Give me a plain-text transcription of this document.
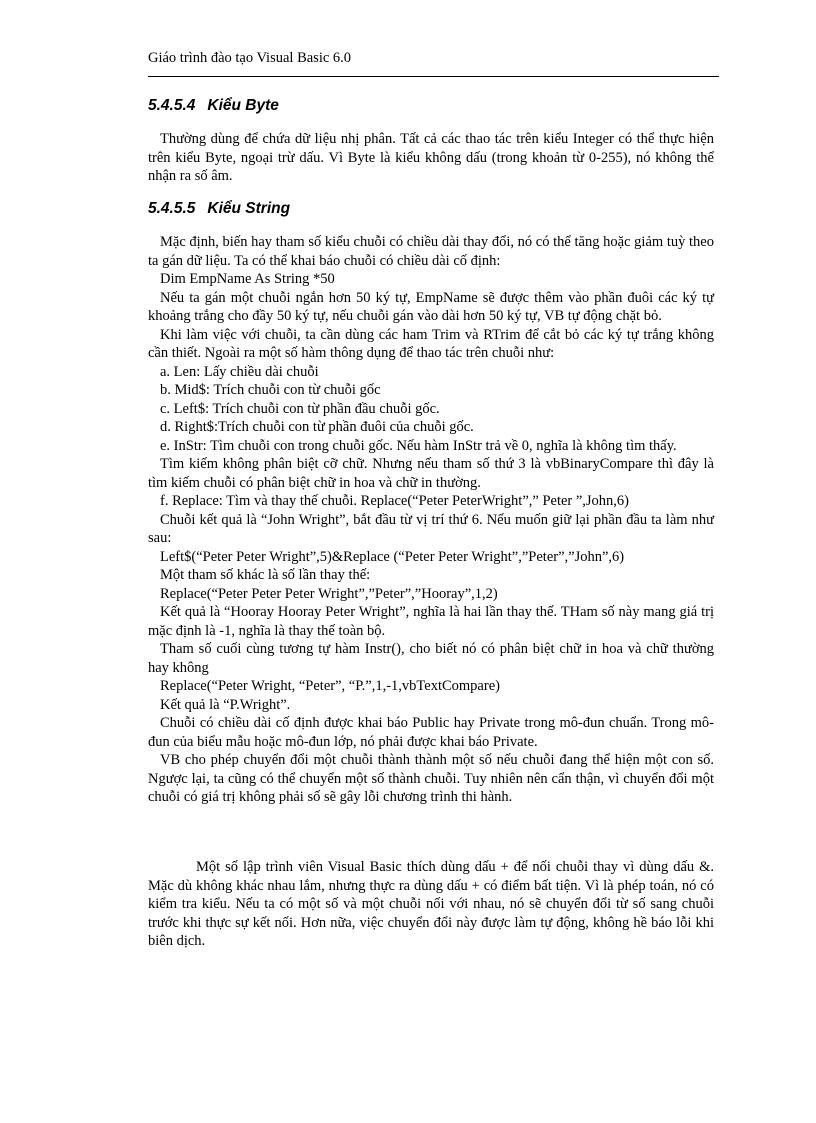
Giáo trình đào tạo Visual Basic 6.0
5.4.5.4 Kiểu Byte

Thường dùng để chứa dữ liệu nhị phân. Tất cả các thao tác trên kiểu Integer có thể thực hiện trên kiểu Byte, ngoại trừ dấu. Vì Byte là kiểu không dấu (trong khoản từ 0-255), nó không thể nhận ra số âm.

5.4.5.5 Kiểu String

Mặc định, biến hay tham số kiểu chuỗi có chiều dài thay đổi, nó có thể tăng hoặc giảm tuỳ theo ta gán dữ liệu. Ta có thể khai báo chuỗi có chiều dài cố định:

Dim EmpName As String *50

Nếu ta gán một chuỗi ngắn hơn 50 ký tự, EmpName sẽ được thêm vào phần đuôi các ký tự khoảng trắng cho đầy 50 ký tự, nếu chuỗi gán vào dài hơn 50 ký tự, VB tự động chặt bỏ.

Khi làm việc với chuỗi, ta cần dùng các ham Trim và RTrim để cắt bỏ các ký tự trắng không cần thiết. Ngoài ra một số hàm thông dụng để thao tác trên chuỗi như:

a. Len: Lấy chiều dài chuỗi

b. Mid$: Trích chuỗi con từ chuỗi gốc

c. Left$: Trích chuỗi con từ phần đầu chuỗi gốc.

d. Right$:Trích chuỗi con từ phần đuôi của chuỗi gốc.

e. InStr: Tìm chuỗi con trong chuỗi gốc. Nếu hàm InStr trả về 0, nghĩa là không tìm thấy.

Tìm kiếm không phân biệt cỡ chữ. Nhưng nếu tham số thứ 3 là vbBinaryCompare thì đây là tìm kiếm chuỗi có phân biệt chữ in hoa và chữ in thường.

f. Replace: Tìm và thay thế chuỗi. Replace(“Peter PeterWright”,” Peter ”,John,6)

Chuỗi kết quả là “John Wright”, bắt đầu từ vị trí thứ 6. Nếu muốn giữ lại phần đầu ta làm như sau:

Left$(“Peter Peter Wright”,5)&Replace (“Peter Peter Wright”,”Peter”,”John”,6)

Một tham số khác là số lần thay thế:

Replace(“Peter Peter Peter Wright”,”Peter”,”Hooray”,1,2)

Kết quả là “Hooray Hooray Peter Wright”, nghĩa là hai lần thay thế. THam số này mang giá trị mặc định là -1, nghĩa là thay thế toàn bộ.

Tham số cuối cùng tương tự hàm Instr(), cho biết nó có phân biệt chữ in hoa và chữ thường hay không

Replace(“Peter Wright, “Peter”, “P.”,1,-1,vbTextCompare)

Kết quả là “P.Wright”.

Chuỗi có chiều dài cố định được khai báo Public hay Private trong mô-đun chuẩn. Trong mô-đun của biểu mẫu hoặc mô-đun lớp, nó phải được khai báo Private.

VB cho phép chuyển đổi một chuỗi thành thành một số nếu chuỗi đang thể hiện một con số. Ngược lại, ta cũng có thể chuyển một số thành chuỗi. Tuy nhiên nên cẩn thận, vì chuyển đổi một chuỗi có giá trị không phải số sẽ gây lỗi chương trình thi hành.

Một số lập trình viên Visual Basic thích dùng dấu + để nối chuỗi thay vì dùng dấu &. Mặc dù không khác nhau lắm, nhưng thực ra dùng dấu + có điểm bất tiện. Vì là phép toán, nó có kiểm tra kiểu. Nếu ta có một số và một chuỗi nối với nhau, nó sẽ chuyển đổi từ số sang chuỗi trước khi thực sự kết nối. Hơn nữa, việc chuyển đổi này được làm tự động, không hề báo lỗi khi biên dịch.
